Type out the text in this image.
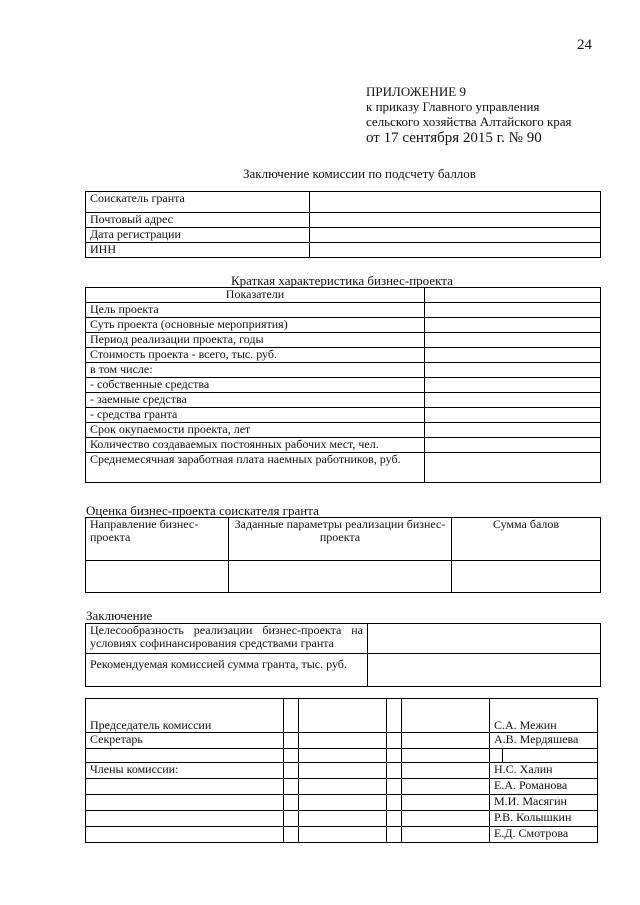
24
ПРИЛОЖЕНИЕ 9
к приказу Главного управления
сельского хозяйства Алтайского края
от 17 сентября 2015 г. № 90
Заключение комиссии по подсчету баллов
Соискатель гранта	
Почтовый адрес	
Дата регистрации	
ИНН	
Краткая характеристика бизнес-проекта
Показатели	
Цель проекта	
Суть проекта (основные мероприятия)	
Период реализации проекта, годы	
Стоимость проекта - всего, тыс. руб.	
в том числе:	
- собственные средства	
- заемные средства	
- средства гранта	
Срок окупаемости проекта, лет	
Количество создаваемых постоянных рабочих мест, чел.	
Среднемесячная заработная плата наемных работников, руб.	
Оценка бизнес-проекта соискателя гранта
Направление бизнес-проекта	Заданные параметры реализации бизнес-проекта	Сумма балов

Заключение
Целесообразность реализации бизнес-проекта на условиях софинансирования средствами гранта	
Рекомендуемая комиссией сумма гранта, тыс. руб.	
Председатель комиссии					С.А. Межин	
Секретарь					А.В. Мердяшева	

Члены комиссии:					Н.С. Халин	
					Е.А. Романова	
					М.И. Масягин	
					Р.В. Колышкин	
					Е.Д. Смотрова	
